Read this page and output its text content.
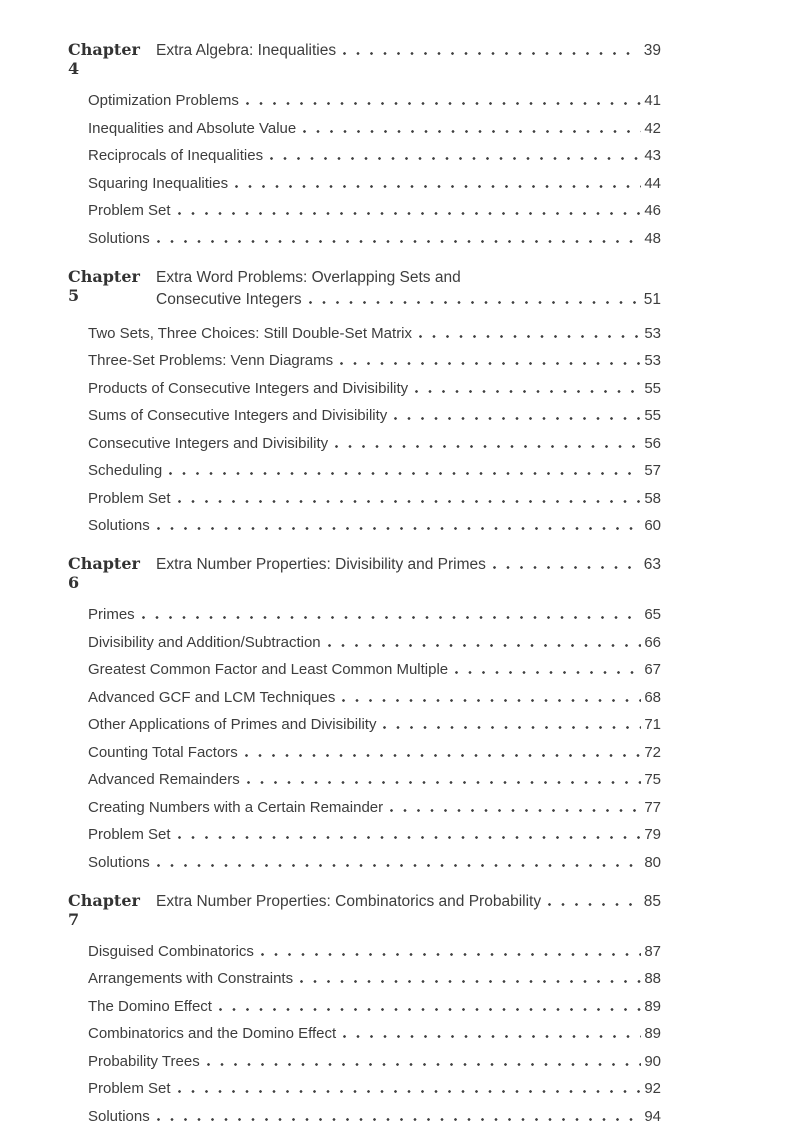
Chapter 4
Extra Algebra: Inequalities	39
Optimization Problems	41
Inequalities and Absolute Value	42
Reciprocals of Inequalities	43
Squaring Inequalities	44
Problem Set	46
Solutions	48
Chapter 5
Extra Word Problems: Overlapping Sets and
Consecutive Integers	51
Two Sets, Three Choices: Still Double-Set Matrix	53
Three-Set Problems: Venn Diagrams	53
Products of Consecutive Integers and Divisibility	55
Sums of Consecutive Integers and Divisibility	55
Consecutive Integers and Divisibility	56
Scheduling	57
Problem Set	58
Solutions	60
Chapter 6
Extra Number Properties: Divisibility and Primes	63
Primes	65
Divisibility and Addition/Subtraction	66
Greatest Common Factor and Least Common Multiple	67
Advanced GCF and LCM Techniques	68
Other Applications of Primes and Divisibility	71
Counting Total Factors	72
Advanced Remainders	75
Creating Numbers with a Certain Remainder	77
Problem Set	79
Solutions	80
Chapter 7
Extra Number Properties: Combinatorics and Probability	85
Disguised Combinatorics	87
Arrangements with Constraints	88
The Domino Effect	89
Combinatorics and the Domino Effect	89
Probability Trees	90
Problem Set	92
Solutions	94
